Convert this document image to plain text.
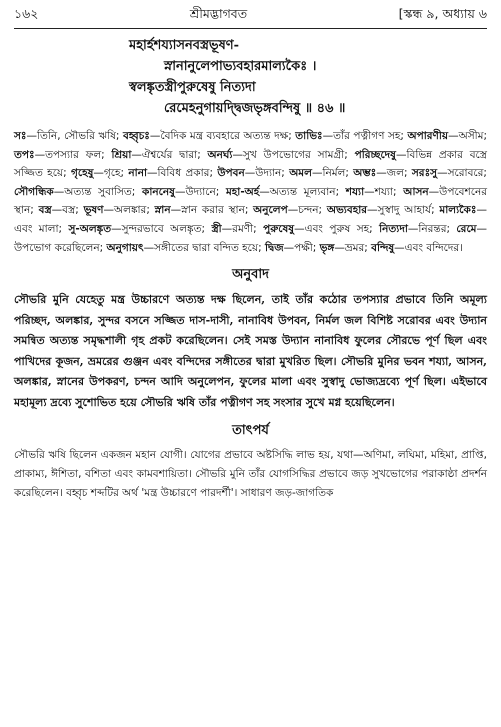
১৬২	শ্রীমদ্ভাগবত	[স্কন্ধ ৯, অধ্যায় ৬
মহার্হশয্যাসনবস্ত্রভূষণ-
স্নানানুলেপাভ্যবহারমাল্যকৈঃ ।
স্বলঙ্কৃতস্ত্রীপুরুষেষু নিত্যদা
রেমেহনুগায়দ্দ্বিজভৃঙ্গবন্দিষু ॥ ৪৬ ॥
সঃ—তিনি, সৌভরি ঋষি; বহ্বৃচঃ—বৈদিক মন্ত্র ব্যবহারে অত্যন্ত দক্ষ; তাভিঃ—তাঁর পত্নীগণ সহ; অপারণীয়—অসীম; তপঃ—তপস্যার ফল; শ্রিয়া—ঐশ্বর্যের দ্বারা; অনর্ঘ্য—সুখ উপভোগের সামগ্রী; পরিচ্ছদেষু—বিভিন্ন প্রকার বস্ত্রে সজ্জিত হয়ে; গৃহেষু—গৃহে; নানা—বিবিধ প্রকার; উপবন—উদ্যান; অমল—নির্মল; অম্ভঃ—জল; সরঃসু—সরোবরে; সৌগন্ধিক—অত্যন্ত সুবাসিত; কাননেষু—উদ্যানে; মহা-অর্হ—অত্যন্ত মূল্যবান; শয্যা—শয্যা; আসন—উপবেশনের স্থান; বস্ত্র—বস্ত্র; ভূষণ—অলঙ্কার; স্নান—স্নান করার স্থান; অনুলেপ—চন্দন; অভ্যবহার—সুস্বাদু আহার্য; মাল্যকৈঃ—এবং মালা; সু-অলঙ্কৃত—সুন্দরভাবে অলঙ্কৃত; স্ত্রী—রমণী; পুরুষেষু—এবং পুরুষ সহ; নিত্যদা—নিরন্তর; রেমে—উপভোগ করেছিলেন; অনুগায়ৎ—সঙ্গীতের দ্বারা বন্দিত হয়ে; দ্বিজ—পক্ষী; ভৃঙ্গ—ভ্রমর; বন্দিষু—এবং বন্দিদের।
অনুবাদ
সৌভরি মুনি যেহেতু মন্ত্র উচ্চারণে অত্যন্ত দক্ষ ছিলেন, তাই তাঁর কঠোর তপস্যার প্রভাবে তিনি অমূল্য পরিচ্ছদ, অলঙ্কার, সুন্দর বসনে সজ্জিত দাস-দাসী, নানাবিধ উপবন, নির্মল জল বিশিষ্ট সরোবর এবং উদ্যান সমন্বিত অত্যন্ত সমৃদ্ধশালী গৃহ প্রকট করেছিলেন। সেই সমস্ত উদ্যান নানাবিধ ফুলের সৌরভে পূর্ণ ছিল এবং পাখিদের কূজন, ভ্রমরের গুঞ্জন এবং বন্দিদের সঙ্গীতের দ্বারা মুখরিত ছিল। সৌভরি মুনির ভবন শয্যা, আসন, অলঙ্কার, স্নানের উপকরণ, চন্দন আদি অনুলেপন, ফুলের মালা এবং সুস্বাদু ভোজ্যদ্রব্যে পূর্ণ ছিল। এইভাবে মহামূল্য দ্রব্যে সুশোভিত হয়ে সৌভরি ঋষি তাঁর পত্নীগণ সহ সংসার সুখে মগ্ন হয়েছিলেন।
তাৎপর্য
সৌভরি ঋষি ছিলেন একজন মহান যোগী। যোগের প্রভাবে অষ্টসিদ্ধি লাভ হয়, যথা—অণিমা, লঘিমা, মহিমা, প্রাপ্তি, প্রাকাম্য, ঈশিতা, বশিতা এবং কামবশায়িতা। সৌভরি মুনি তাঁর যোগসিদ্ধির প্রভাবে জড় সুখভোগের পরাকাষ্ঠা প্রদর্শন করেছিলেন। বহ্বৃচ শব্দটির অর্থ 'মন্ত্র উচ্চারণে পারদর্শী'। সাধারণ জড়-জাগতিক
